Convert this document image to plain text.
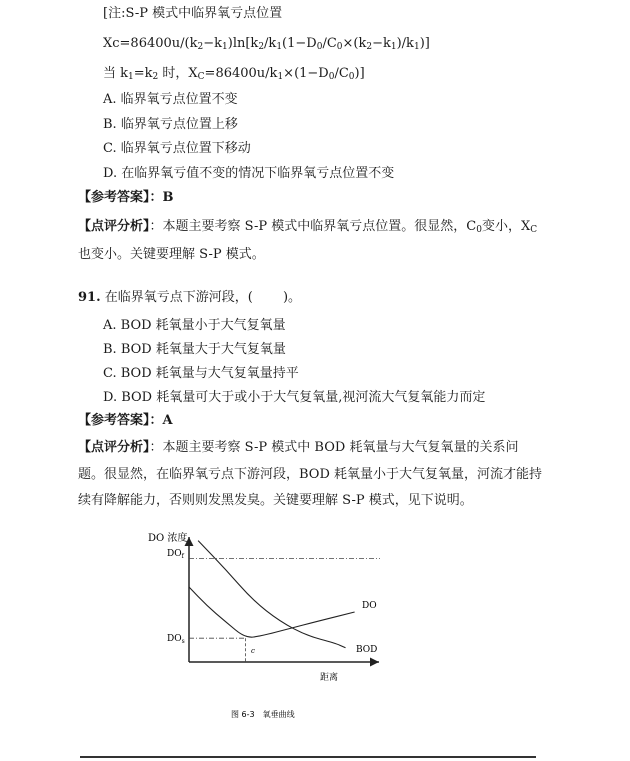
[注:S-P 模式中临界氧亏点位置
$Xc=86400u/(k_2-k_1)\ln[k_2/k_1(1-D_0/C_0\times(k_2-k_1)/k_1)]$
当 $k_1=k_2$ 时，$X_C=86400u/k_1\times(1-D_0/C_0)$]
A. 临界氧亏点位置不变
B. 临界氧亏点位置上移
C. 临界氧亏点位置下移动
D. 在临界氧亏值不变的情况下临界氧亏点位置不变
【参考答案】：B
【点评分析】：本题主要考察 S-P 模式中临界氧亏点位置。很显然，$C_0$变小，$X_C$
也变小。关键要理解 S-P 模式。
91. 在临界氧亏点下游河段，(　　 )。
A. BOD 耗氧量小于大气复氧量
B. BOD 耗氧量大于大气复氧量
C. BOD 耗氧量与大气复氧量持平
D. BOD 耗氧量可大于或小于大气复氧量,视河流大气复氧能力而定
【参考答案】：A
【点评分析】：本题主要考察 S-P 模式中 BOD 耗氧量与大气复氧量的关系问
题。很显然，在临界氧亏点下游河段，BOD 耗氧量小于大气复氧量，河流才能持
续有降解能力，否则则发黑发臭。关键要理解 S-P 模式，见下说明。
DO 浓度
距离
DO
BOD
$DO_f$
$DO_s$
c
图 6-3　氧垂曲线
